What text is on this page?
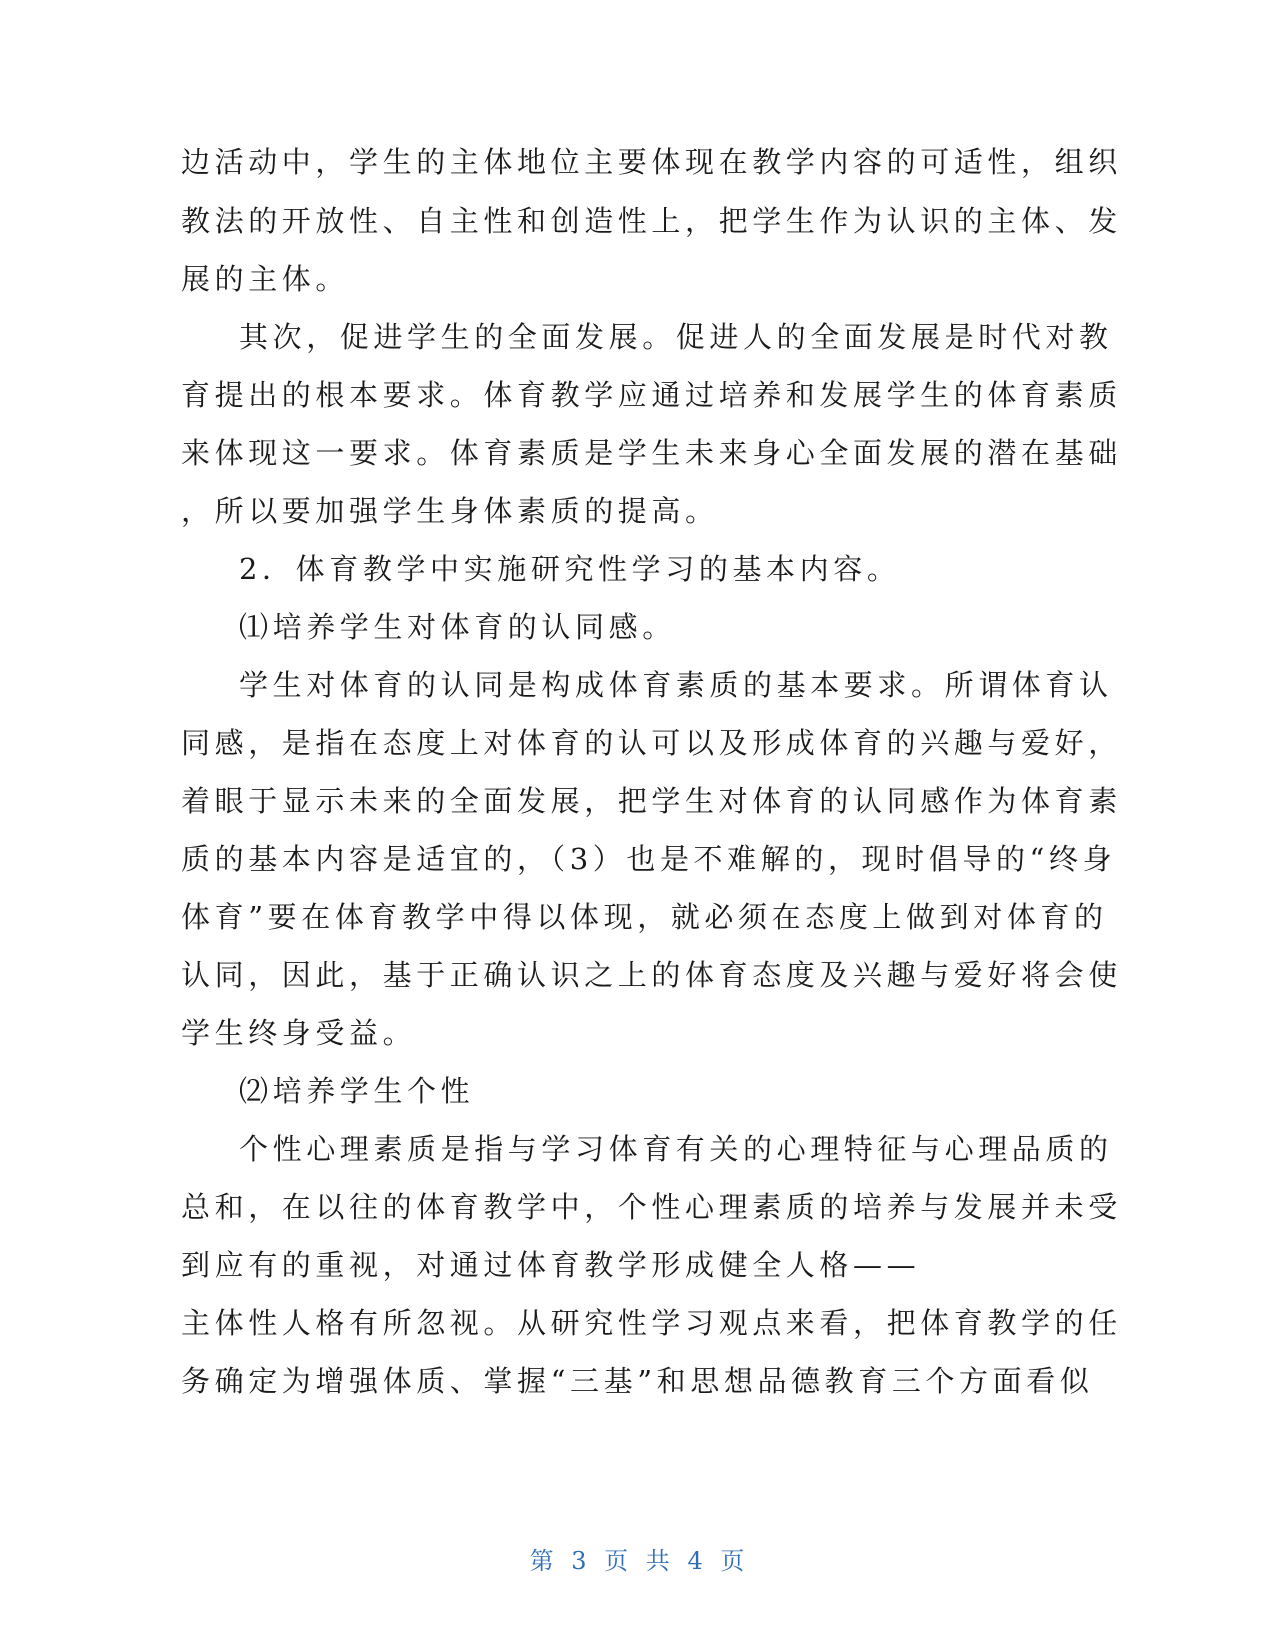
边活动中，学生的主体地位主要体现在教学内容的可适性，组织
教法的开放性、自主性和创造性上，把学生作为认识的主体、发
展的主体。
其次，促进学生的全面发展。促进人的全面发展是时代对教
育提出的根本要求。体育教学应通过培养和发展学生的体育素质
来体现这一要求。体育素质是学生未来身心全面发展的潜在基础
，所以要加强学生身体素质的提高。
2．体育教学中实施研究性学习的基本内容。
⑴培养学生对体育的认同感。
学生对体育的认同是构成体育素质的基本要求。所谓体育认
同感，是指在态度上对体育的认可以及形成体育的兴趣与爱好，
着眼于显示未来的全面发展，把学生对体育的认同感作为体育素
质的基本内容是适宜的，（3）也是不难解的，现时倡导的“终身
体育”要在体育教学中得以体现，就必须在态度上做到对体育的
认同，因此，基于正确认识之上的体育态度及兴趣与爱好将会使
学生终身受益。
⑵培养学生个性
个性心理素质是指与学习体育有关的心理特征与心理品质的
总和，在以往的体育教学中，个性心理素质的培养与发展并未受
到应有的重视，对通过体育教学形成健全人格——
主体性人格有所忽视。从研究性学习观点来看，把体育教学的任
务确定为增强体质、掌握“三基”和思想品德教育三个方面看似
第 3 页 共 4 页
